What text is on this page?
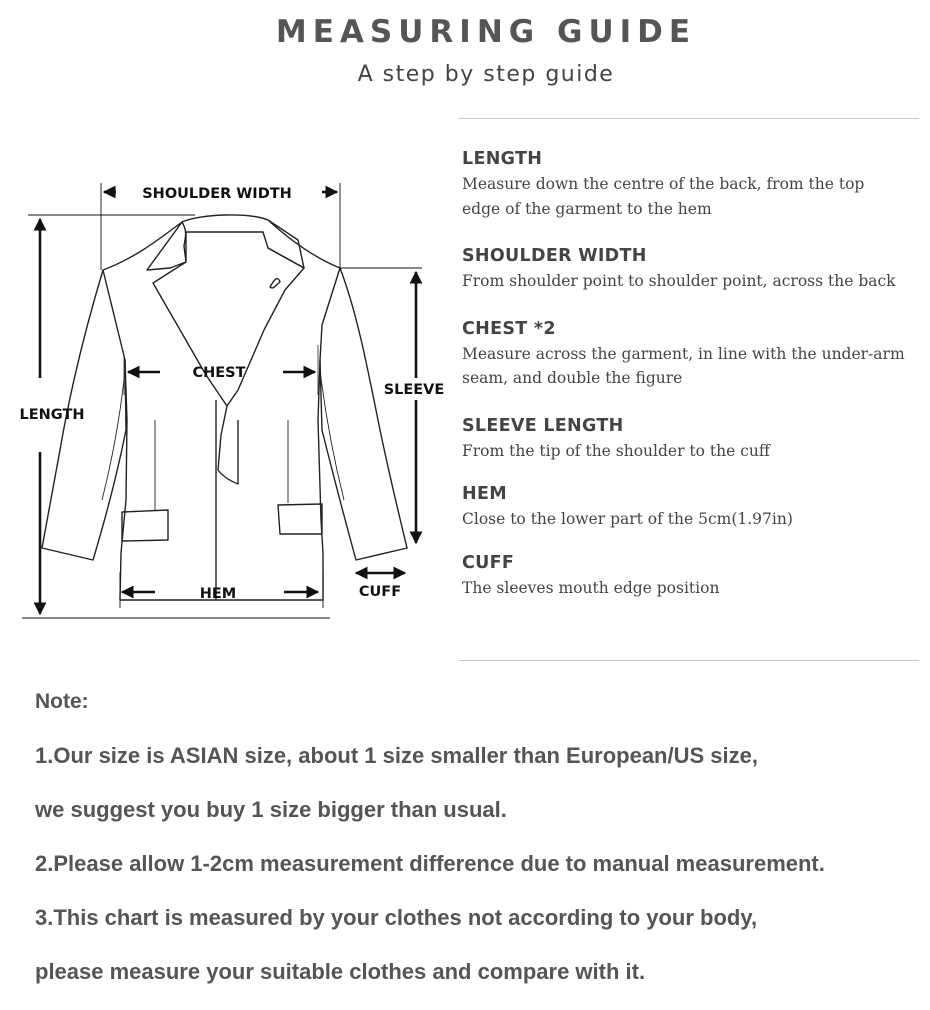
MEASURING GUIDE
A step by step guide
SHOULDER WIDTH
LENGTH
CHEST
SLEEVE
HEM	CUFF

LENGTH

Measure down the centre of the back, from the top
edge of the garment to the hem

SHOULDER WIDTH

From shoulder point to shoulder point, across the back

CHEST *2

Measure across the garment, in line with the under-arm
seam, and double the figure

SLEEVE LENGTH

From the tip of the shoulder to the cuff

HEM

Close to the lower part of the 5cm(1.97in)

CUFF

The sleeves mouth edge position

Note:

1.Our size is ASIAN size, about 1 size smaller than European/US size,

we suggest you buy 1 size bigger than usual.

2.Please allow 1-2cm measurement difference due to manual measurement.

3.This chart is measured by your clothes not according to your body,

please measure your suitable clothes and compare with it.
